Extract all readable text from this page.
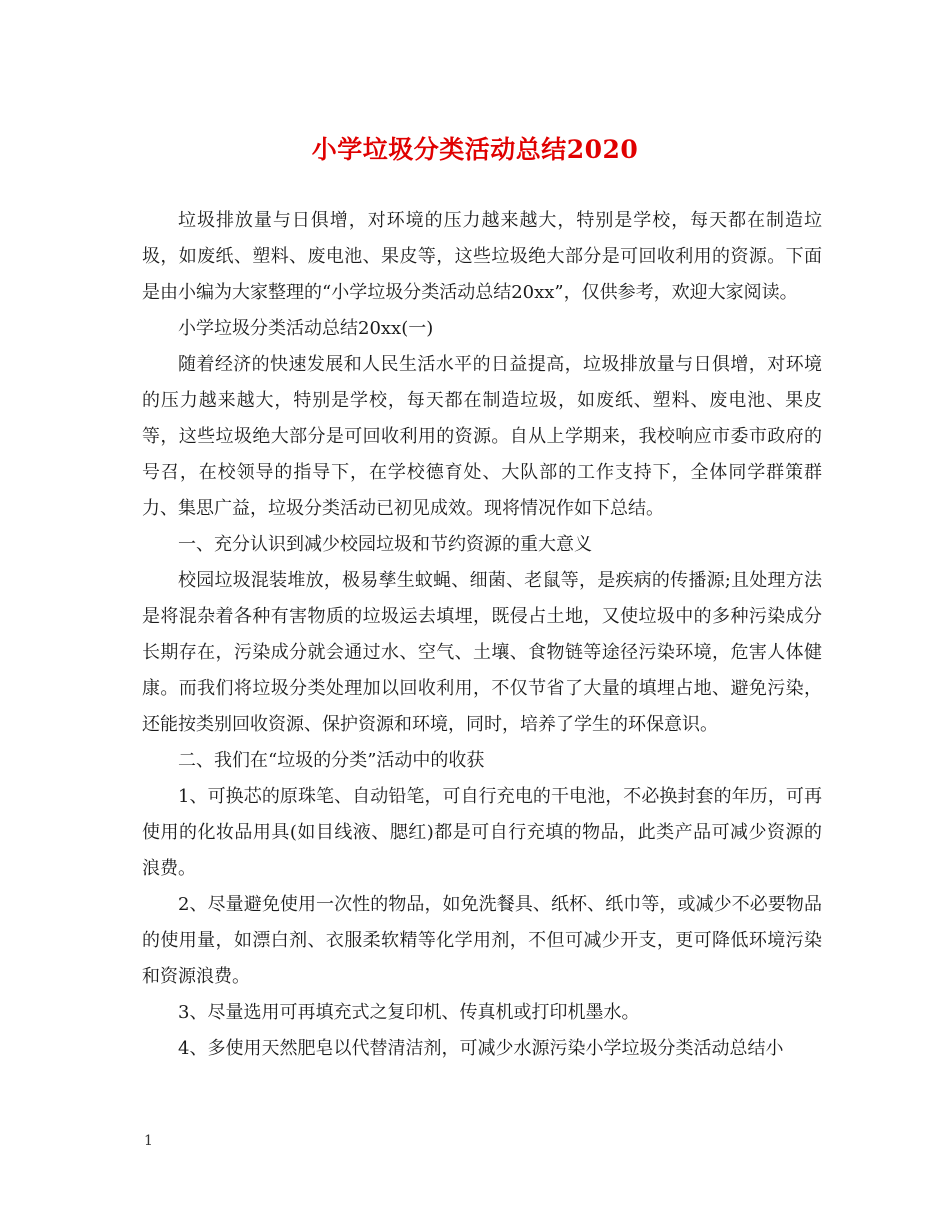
小学垃圾分类活动总结2020

垃圾排放量与日俱增，对环境的压力越来越大，特别是学校，每天都在制造垃圾，如废纸、塑料、废电池、果皮等，这些垃圾绝大部分是可回收利用的资源。下面是由小编为大家整理的“小学垃圾分类活动总结20xx”，仅供参考，欢迎大家阅读。

小学垃圾分类活动总结20xx(一)

随着经济的快速发展和人民生活水平的日益提高，垃圾排放量与日俱增，对环境的压力越来越大，特别是学校，每天都在制造垃圾，如废纸、塑料、废电池、果皮等，这些垃圾绝大部分是可回收利用的资源。自从上学期来，我校响应市委市政府的号召，在校领导的指导下，在学校德育处、大队部的工作支持下，全体同学群策群力、集思广益，垃圾分类活动已初见成效。现将情况作如下总结。

一、充分认识到减少校园垃圾和节约资源的重大意义

校园垃圾混装堆放，极易孳生蚊蝇、细菌、老鼠等，是疾病的传播源;且处理方法是将混杂着各种有害物质的垃圾运去填埋，既侵占土地，又使垃圾中的多种污染成分长期存在，污染成分就会通过水、空气、土壤、食物链等途径污染环境，危害人体健康。而我们将垃圾分类处理加以回收利用，不仅节省了大量的填埋占地、避免污染，还能按类别回收资源、保护资源和环境，同时，培养了学生的环保意识。

二、我们在“垃圾的分类”活动中的收获

1、可换芯的原珠笔、自动铅笔，可自行充电的干电池，不必换封套的年历，可再使用的化妆品用具(如目线液、腮红)都是可自行充填的物品，此类产品可减少资源的浪费。

2、尽量避免使用一次性的物品，如免洗餐具、纸杯、纸巾等，或减少不必要物品的使用量，如漂白剂、衣服柔软精等化学用剂，不但可减少开支，更可降低环境污染和资源浪费。

3、尽量选用可再填充式之复印机、传真机或打印机墨水。

4、多使用天然肥皂以代替清洁剂，可减少水源污染小学垃圾分类活动总结小

1
